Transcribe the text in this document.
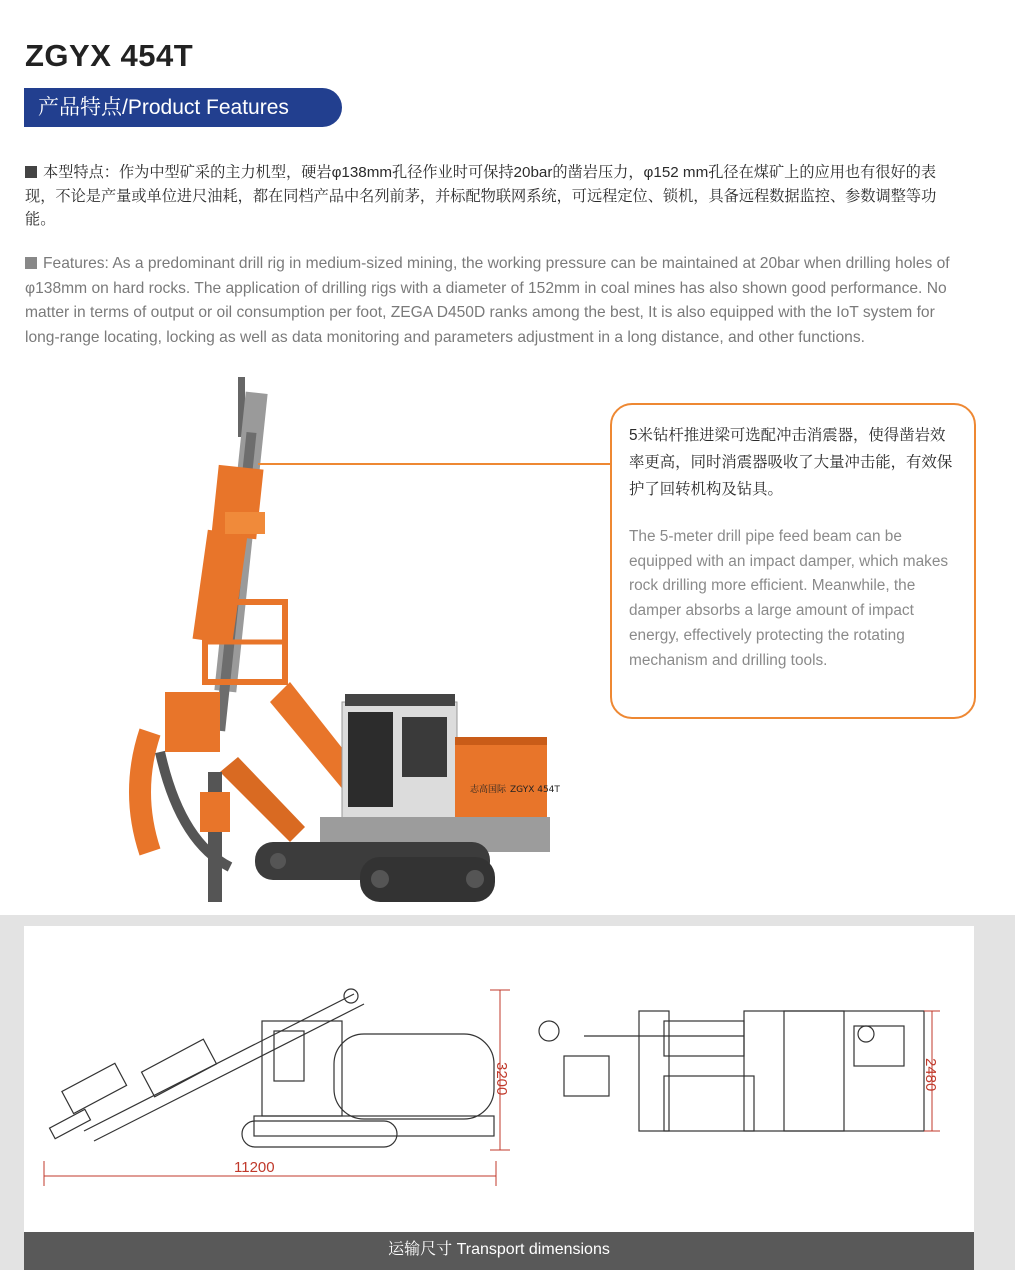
ZGYX 454T
产品特点/Product Features
本型特点：作为中型矿采的主力机型，硬岩φ138mm孔径作业时可保持20bar的凿岩压力，φ152 mm孔径在煤矿上的应用也有很好的表现，不论是产量或单位进尺油耗，都在同档产品中名列前茅，并标配物联网系统，可远程定位、锁机，具备远程数据监控、参数调整等功能。
Features: As a predominant drill rig in medium-sized mining, the working pressure can be maintained at 20bar when drilling holes of φ138mm on hard rocks. The application of drilling rigs with a diameter of 152mm in coal mines has also shown good performance. No matter in terms of output or oil consumption per foot, ZEGA D450D ranks among the best, It is also equipped with the IoT system for long-range locating, locking as well as data monitoring and parameters adjustment in a long distance, and other functions.
志高国际 ZGYX 454T

5米钻杆推进梁可选配冲击消震器，使得凿岩效率更高，同时消震器吸收了大量冲击能，有效保护了回转机构及钻具。

The 5-meter drill pipe feed beam can be equipped with an impact damper, which makes rock drilling more efficient. Meanwhile, the damper absorbs a large amount of impact energy, effectively protecting the rotating mechanism and drilling tools.

11200
3200	2480
运输尺寸 Transport dimensions
